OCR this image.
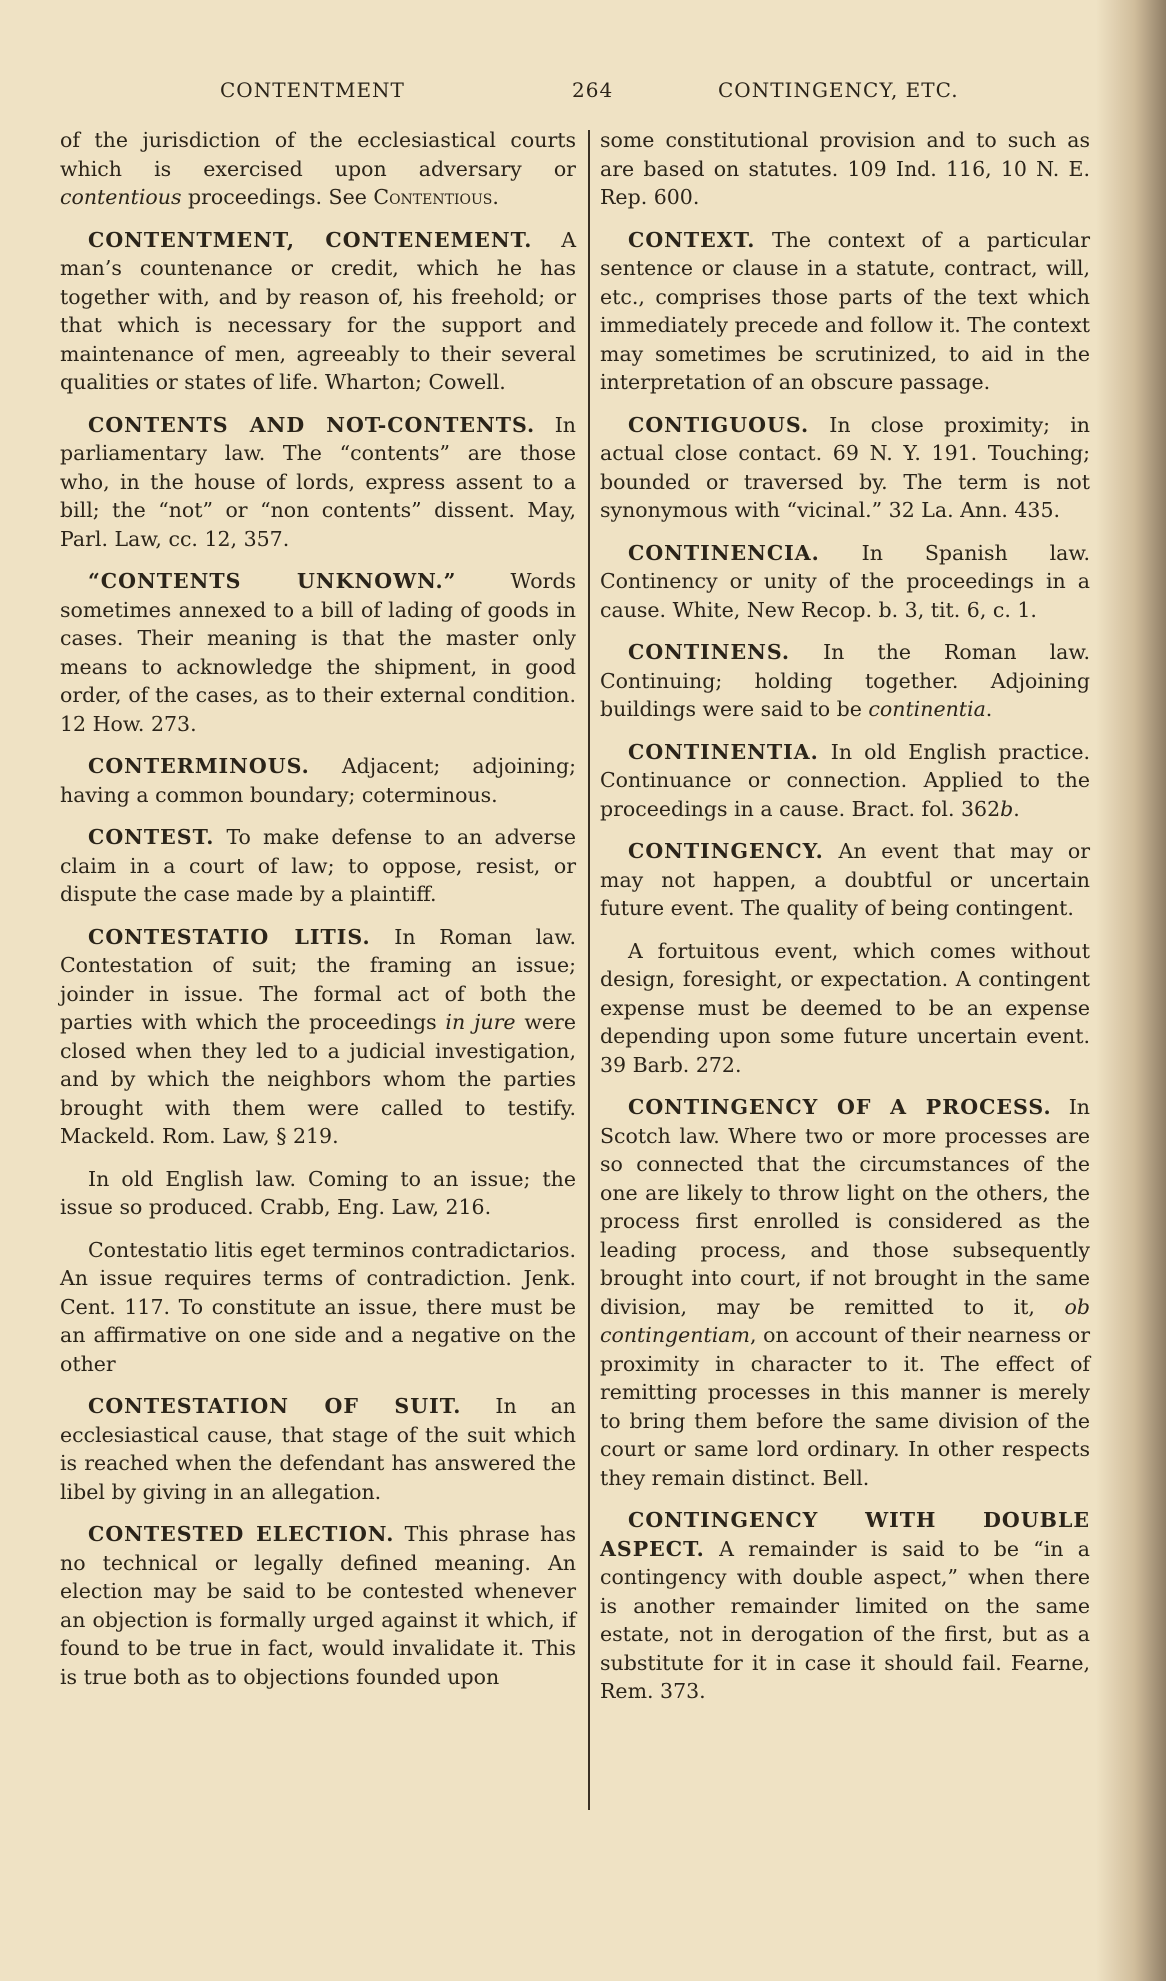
CONTENTMENT	264	CONTINGENCY, ETC.

of the jurisdiction of the ecclesiastical courts which is exercised upon adversary or contentious proceedings. See Contentious.

CONTENTMENT, CONTENEMENT. A man’s countenance or credit, which he has together with, and by reason of, his freehold; or that which is necessary for the support and maintenance of men, agreeably to their several qualities or states of life. Wharton; Cowell.

CONTENTS AND NOT-CONTENTS. In parliamentary law. The “contents” are those who, in the house of lords, express assent to a bill; the “not” or “non contents” dissent. May, Parl. Law, cc. 12, 357.

“CONTENTS UNKNOWN.” Words sometimes annexed to a bill of lading of goods in cases. Their meaning is that the master only means to acknowledge the shipment, in good order, of the cases, as to their external condition. 12 How. 273.

CONTERMINOUS. Adjacent; adjoining; having a common boundary; coterminous.

CONTEST. To make defense to an adverse claim in a court of law; to oppose, resist, or dispute the case made by a plaintiff.

CONTESTATIO LITIS. In Roman law. Contestation of suit; the framing an issue; joinder in issue. The formal act of both the parties with which the proceedings in jure were closed when they led to a judicial investigation, and by which the neighbors whom the parties brought with them were called to testify. Mackeld. Rom. Law, § 219.

In old English law. Coming to an issue; the issue so produced. Crabb, Eng. Law, 216.

Contestatio litis eget terminos contradictarios. An issue requires terms of contradiction. Jenk. Cent. 117. To constitute an issue, there must be an affirmative on one side and a negative on the other

CONTESTATION OF SUIT. In an ecclesiastical cause, that stage of the suit which is reached when the defendant has answered the libel by giving in an allegation.

CONTESTED ELECTION. This phrase has no technical or legally defined meaning. An election may be said to be contested whenever an objection is formally urged against it which, if found to be true in fact, would invalidate it. This is true both as to objections founded upon

some constitutional provision and to such as are based on statutes. 109 Ind. 116, 10 N. E. Rep. 600.

CONTEXT. The context of a particular sentence or clause in a statute, contract, will, etc., comprises those parts of the text which immediately precede and follow it. The context may sometimes be scrutinized, to aid in the interpretation of an obscure passage.

CONTIGUOUS. In close proximity; in actual close contact. 69 N. Y. 191. Touching; bounded or traversed by. The term is not synonymous with “vicinal.” 32 La. Ann. 435.

CONTINENCIA. In Spanish law. Continency or unity of the proceedings in a cause. White, New Recop. b. 3, tit. 6, c. 1.

CONTINENS. In the Roman law. Continuing; holding together. Adjoining buildings were said to be continentia.

CONTINENTIA. In old English practice. Continuance or connection. Applied to the proceedings in a cause. Bract. fol. 362b.

CONTINGENCY. An event that may or may not happen, a doubtful or uncertain future event. The quality of being contingent.

A fortuitous event, which comes without design, foresight, or expectation. A contingent expense must be deemed to be an expense depending upon some future uncertain event. 39 Barb. 272.

CONTINGENCY OF A PROCESS. In Scotch law. Where two or more processes are so connected that the circumstances of the one are likely to throw light on the others, the process first enrolled is considered as the leading process, and those subsequently brought into court, if not brought in the same division, may be remitted to it, ob contingentiam, on account of their nearness or proximity in character to it. The effect of remitting processes in this manner is merely to bring them before the same division of the court or same lord ordinary. In other respects they remain distinct. Bell.

CONTINGENCY WITH DOUBLE ASPECT. A remainder is said to be “in a contingency with double aspect,” when there is another remainder limited on the same estate, not in derogation of the first, but as a substitute for it in case it should fail. Fearne, Rem. 373.
